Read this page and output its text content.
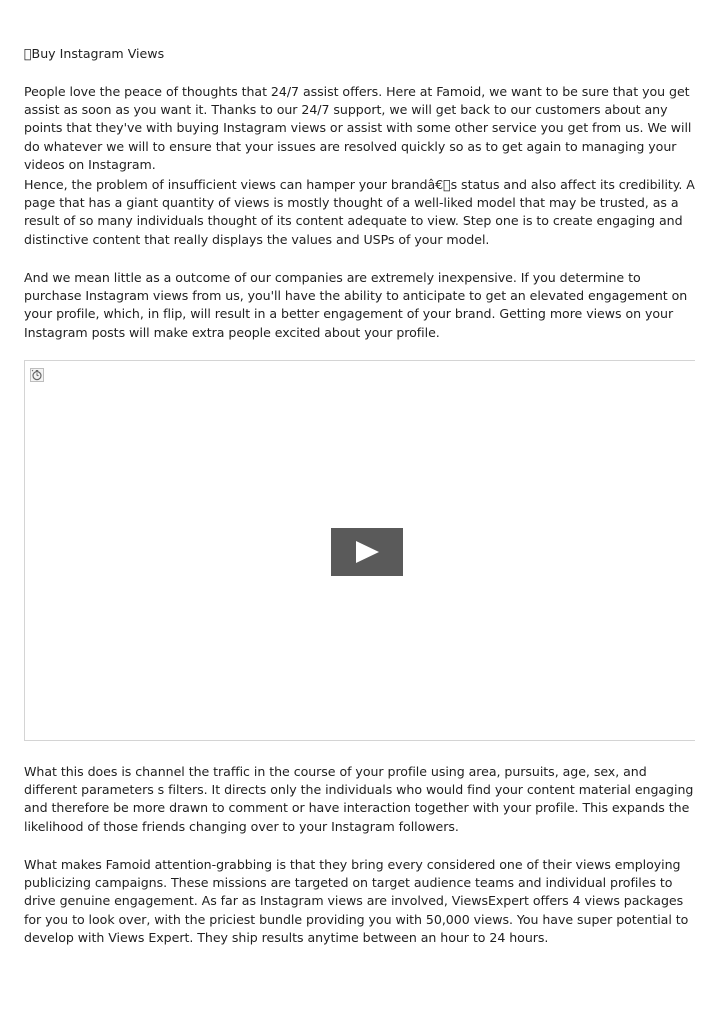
 Buy Instagram Views

People love the peace of thoughts that 24/7 assist offers. Here at Famoid, we want to be sure that you get assist as soon as you want it. Thanks to our 24/7 support, we will get back to our customers about any points that they've with buying Instagram views or assist with some other service you get from us. We will do whatever we will to ensure that your issues are resolved quickly so as to get again to managing your videos on Instagram.

Hence, the problem of insufficient views can hamper your brandâ€ s status and also affect its credibility. A page that has a giant quantity of views is mostly thought of a well-liked model that may be trusted, as a result of so many individuals thought of its content adequate to view. Step one is to create engaging and distinctive content that really displays the values and USPs of your model.

And we mean little as a outcome of our companies are extremely inexpensive. If you determine to purchase Instagram views from us, you'll have the ability to anticipate to get an elevated engagement on your profile, which, in flip, will result in a better engagement of your brand. Getting more views on your Instagram posts will make extra people excited about your profile.

What this does is channel the traffic in the course of your profile using area, pursuits, age, sex, and different parameters s filters. It directs only the individuals who would find your content material engaging and therefore be more drawn to comment or have interaction together with your profile. This expands the likelihood of those friends changing over to your Instagram followers.

What makes Famoid attention-grabbing is that they bring every considered one of their views employing publicizing campaigns. These missions are targeted on target audience teams and individual profiles to drive genuine engagement. As far as Instagram views are involved, ViewsExpert offers 4 views packages for you to look over, with the priciest bundle providing you with 50,000 views. You have super potential to develop with Views Expert. They ship results anytime between an hour to 24 hours.
